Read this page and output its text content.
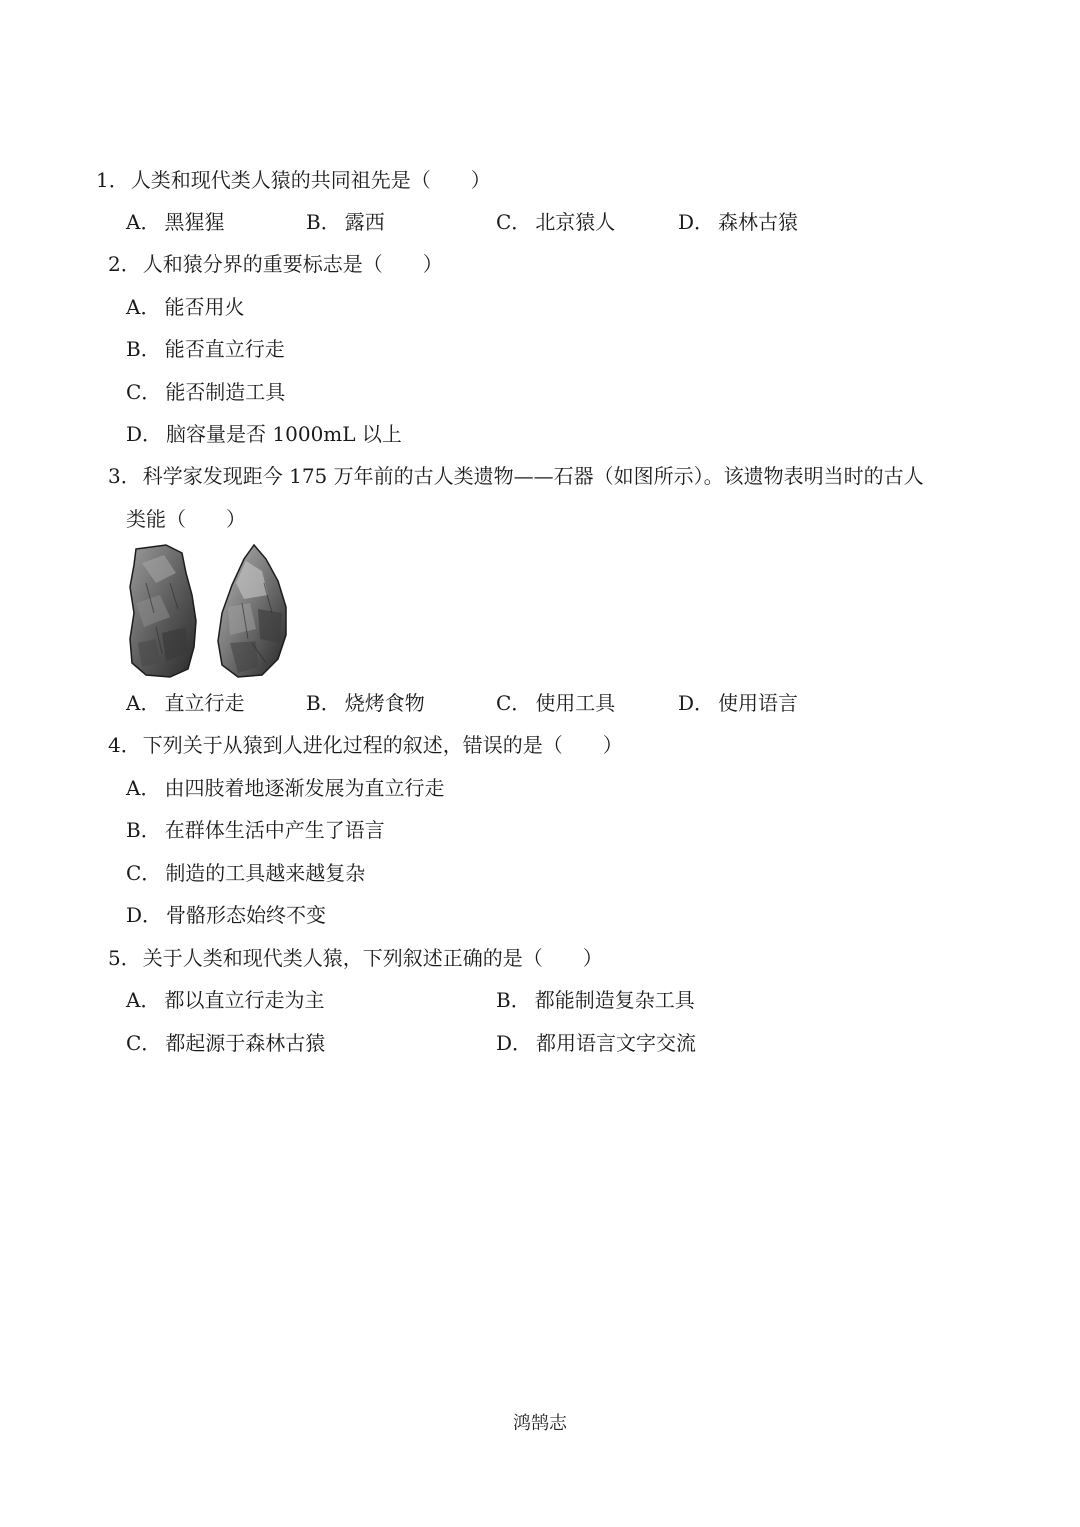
1． 人类和现代类人猿的共同祖先是（　　）
A． 黑猩猩	B． 露西	C． 北京猿人	D． 森林古猿
2． 人和猿分界的重要标志是（　　）
A． 能否用火
B． 能否直立行走
C． 能否制造工具
D． 脑容量是否 1000mL 以上
3． 科学家发现距今 175 万年前的古人类遗物——石器（如图所示）。该遗物表明当时的古人
类能（　　）
A． 直立行走	B． 烧烤食物	C． 使用工具	D． 使用语言
4． 下列关于从猿到人进化过程的叙述，错误的是（　　）
A． 由四肢着地逐渐发展为直立行走
B． 在群体生活中产生了语言
C． 制造的工具越来越复杂
D． 骨骼形态始终不变
5． 关于人类和现代类人猿，下列叙述正确的是（　　）
A． 都以直立行走为主	B． 都能制造复杂工具
C． 都起源于森林古猿	D． 都用语言文字交流
鸿鹄志
